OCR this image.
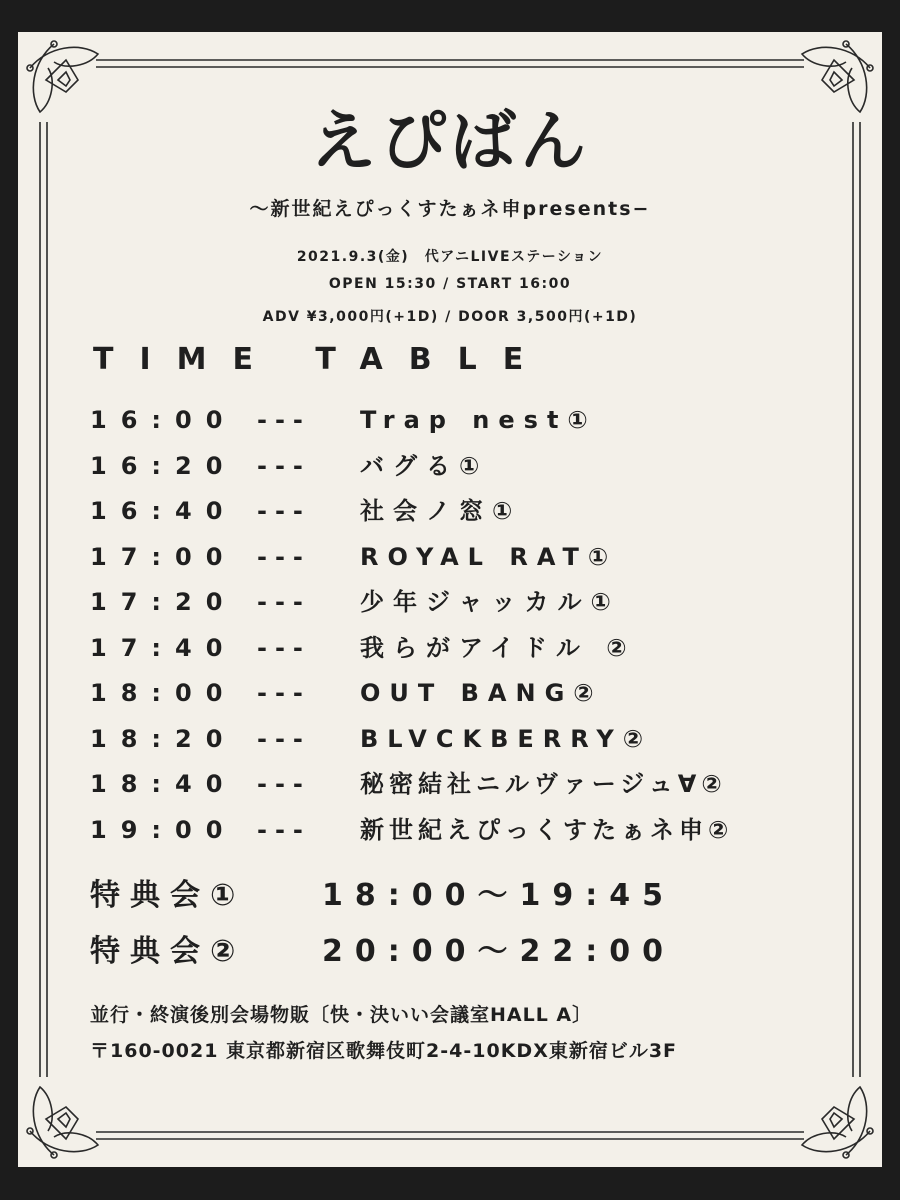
えぴばん
〜新世紀えぴっくすたぁネ申presents−
2021.9.3(金)　代アニLIVEステーション
OPEN 15:30 / START 16:00
ADV ¥3,000円(+1D) / DOOR 3,500円(+1D)
TIME TABLE
16:00 --- Trap nest①
16:20 --- バグる①
16:40 --- 社会ノ窓①
17:00 --- ROYAL RAT①
17:20 --- 少年ジャッカル①
17:40 --- 我らがアイドル ②
18:00 --- OUT BANG②
18:20 --- BLVCKBERRY②
18:40 --- 秘密結社ニルヴァージュ∀②
19:00 --- 新世紀えぴっくすたぁネ申②
特典会①	18:00〜19:45
特典会②	20:00〜22:00
並行・終演後別会場物販〔快・決いい会議室HALL A〕
〒160-0021 東京都新宿区歌舞伎町2-4-10KDX東新宿ビル3F
